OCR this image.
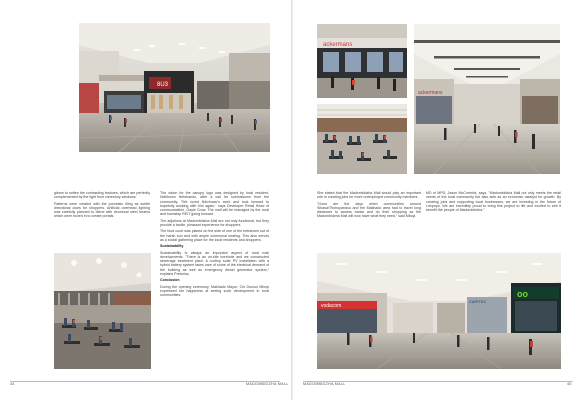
8U3

gleam to soften the contrasting features, which are perfectly complemented by the light from clerestory windows.

Patterns were created with the porcelain tiling as subtle directional clues for shoppers. Artificial overhead lighting was carefully planned to blend with structural steel beams which were boxed in to create portals.

The vision for the canopy logo was designed by local resident, Ndivhuwo Netshandu, after a call for submissions from the community. "We loved Ndivhuwo's work and look forward to hopefully working with him again," says Developer Retail Head of communication, Gayle Crow. The mall will be managed by the rural and township REIT going forward.

The adjutions at Madombidzha Mall are not only functional, but they provide a tactile, pleasant experience for shoppers.

The food court was placed on the side of one of the entrances out of the harsh sun and with ample communal seating. This also serves as a social gathering place for the local residents and shoppers.

Sustainability

Sustainability is always an important aspect of rural mall developments. "There is an on-site borehole and we constructed sewerage treatment plant. A rooftop solar PV installation with a hybrid battery system takes care of some of the electrical demand of the building as well as emergency diesel generator system," explains Pretorius.

Conclusion

During the opening ceremony, Makhado Mayor, Cllr Dorcus Mboyi expressed her happiness at seeing such development in rural communities.

44	MADOMBIDZHA MALL
ackermans
ackermans

She stated that the Madombidzha Mall would play an important role in creating jobs for more unemployed community members.

"Gone are the days when communities around Sibasa/Thohoyandou and the Makhado area had to travel long distances to access banks and do their shopping as the Madombidzha Mall will now have what they need," said Mboyi.

MD of MPD, Jason McCormick, says, "Madombidzha Mall not only meets the retail needs of the local community but also acts as an economic catalyst for growth. By creating jobs and supporting local businesses, we are investing in the future of Limpopo. We are incredibly proud to bring this project to life and excited to see it benefit the people of Madombidzha."

vodacom
CAPITEC
oo
MADOMBIDZHA MALL	45
